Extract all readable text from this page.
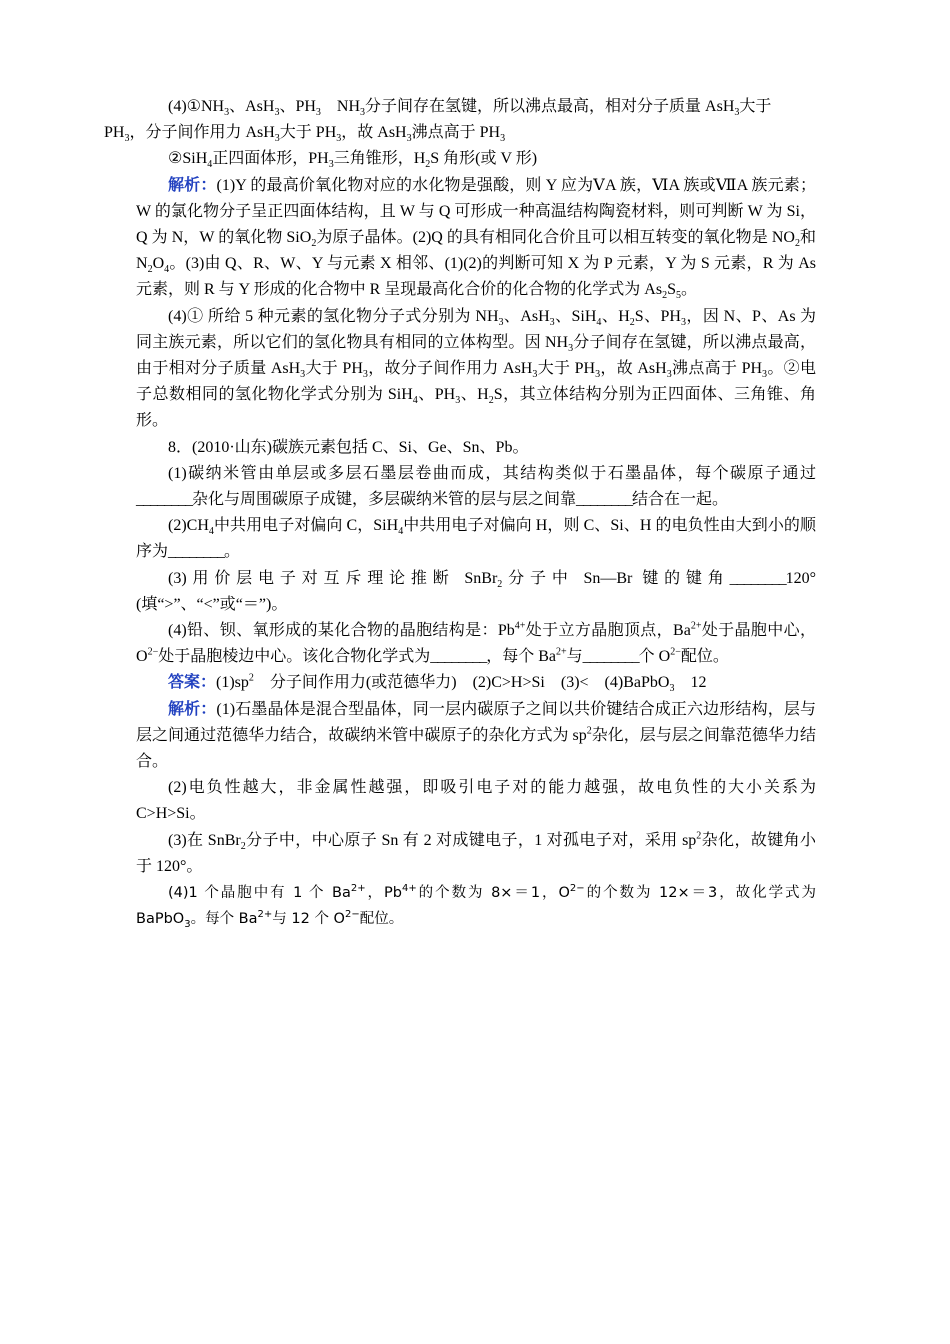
$(4)①NH_3$、AsH$_3$、$PH_3$ $NH_3$分子间存在氢键，所以沸点最高，相对分子质量 AsH$_3$大于
$PH_3$，分子间作用力 AsH$_3$大于 $PH_3$，故 AsH$_3$沸点高于 $PH_3$

②SiH$_4$正四面体形，$PH_3$三角锥形，$H_2S$ 角形(或 V 形)

解析：(1)Y 的最高价氧化物对应的水化物是强酸，则 Y 应为ⅤA 族，ⅥA 族或ⅦA 族元素；W 的氯化物分子呈正四面体结构，且 W 与 Q 可形成一种高温结构陶瓷材料，则可判断 W 为 Si，Q 为 N，W 的氧化物 SiO$_2$为原子晶体。(2)Q 的具有相同化合价且可以相互转变的氧化物是 $NO_2$和 $N_2O_4$。(3)由 Q、R、W、Y 与元素 X 相邻、(1)(2)的判断可知 X 为 P 元素，Y 为 S 元素，R 为 As 元素，则 R 与 Y 形成的化合物中 R 呈现最高化合价的化合物的化学式为 $As_2S_5$。

(4)① 所给 5 种元素的氢化物分子式分别为 $NH_3$、AsH$_3$、SiH$_4$、$H_2S$、$PH_3$，因 N、P、As 为同主族元素，所以它们的氢化物具有相同的立体构型。因 $NH_3$分子间存在氢键，所以沸点最高，由于相对分子质量 AsH$_3$大于 $PH_3$，故分子间作用力 AsH$_3$大于 $PH_3$，故 AsH$_3$沸点高于 $PH_3$。②电子总数相同的氢化物化学式分别为 SiH$_4$、$PH_3$、$H_2S$，其立体结构分别为正四面体、三角锥、角形。

8．(2010·山东)碳族元素包括 C、Si、Ge、Sn、Pb。

(1)碳纳米管由单层或多层石墨层卷曲而成，其结构类似于石墨晶体，每个碳原子通过________杂化与周围碳原子成键，多层碳纳米管的层与层之间靠________结合在一起。

$(2)CH_4$中共用电子对偏向 C，SiH$_4$中共用电子对偏向 H，则 C、Si、H 的电负性由大到小的顺序为________。

(3)用价层电子对互斥理论推断 SnBr$_2$分子中 Sn—Br 键的键角________120°(填“>”、“<”或“＝”)。

(4)铅、钡、氧形成的某化合物的晶胞结构是：$Pb^{4+}$处于立方晶胞顶点，$Ba^{2+}$处于晶胞中心，$O^{2-}$处于晶胞棱边中心。该化合物化学式为________，每个 $Ba^{2+}$与________个 $O^{2-}$配位。

答案：$(1)sp^2$ 分子间作用力(或范德华力) (2)C>H>Si (3)< (4)BaPbO$_3$ 12

解析：(1)石墨晶体是混合型晶体，同一层内碳原子之间以共价键结合成正六边形结构，层与层之间通过范德华力结合，故碳纳米管中碳原子的杂化方式为 $sp^2$杂化，层与层之间靠范德华力结合。

(2)电负性越大，非金属性越强，即吸引电子对的能力越强，故电负性的大小关系为 C>H>Si。

(3)在 SnBr$_2$分子中，中心原子 Sn 有 2 对成键电子，1 对孤电子对，采用 $sp^2$杂化，故键角小于 120°。

(4)1 个晶胞中有 1 个 $Ba^{2+}$，$Pb^{4+}$的个数为 8×＝1，$O^{2-}$的个数为 12×＝3，故化学式为 BaPbO$_3$。每个 $Ba^{2+}$与 12 个 $O^{2-}$配位。
